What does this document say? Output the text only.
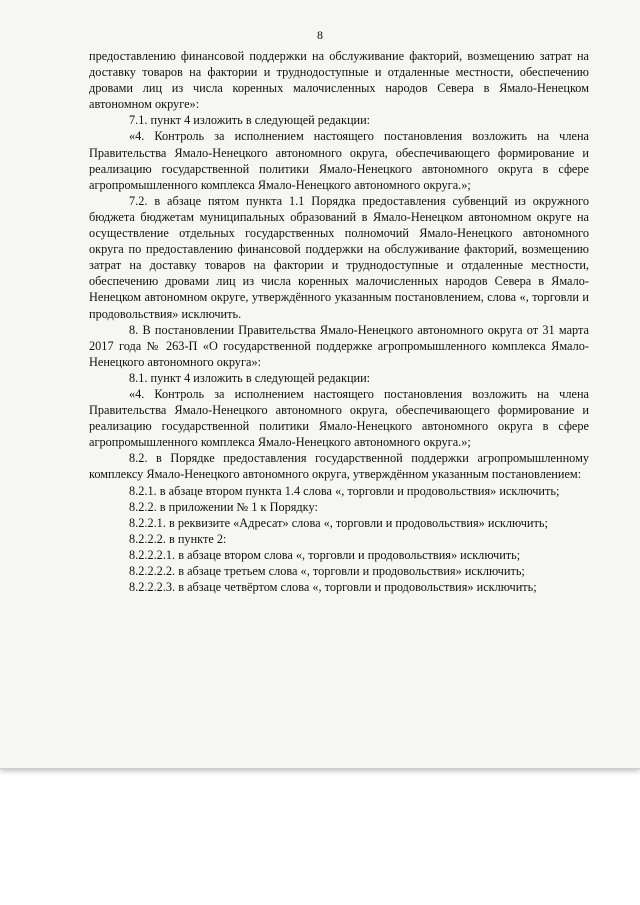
8

предоставлению финансовой поддержки на обслуживание факторий, возмещению затрат на доставку товаров на фактории и труднодоступные и отдаленные местности, обеспечению дровами лиц из числа коренных малочисленных народов Севера в Ямало-Ненецком автономном округе»:

7.1. пункт 4 изложить в следующей редакции:

«4. Контроль за исполнением настоящего постановления возложить на члена Правительства Ямало-Ненецкого автономного округа, обеспечивающего формирование и реализацию государственной политики Ямало-Ненецкого автономного округа в сфере агропромышленного комплекса Ямало-Ненецкого автономного округа.»;

7.2. в абзаце пятом пункта 1.1 Порядка предоставления субвенций из окружного бюджета бюджетам муниципальных образований в Ямало-Ненецком автономном округе на осуществление отдельных государственных полномочий Ямало-Ненецкого автономного округа по предоставлению финансовой поддержки на обслуживание факторий, возмещению затрат на доставку товаров на фактории и труднодоступные и отдаленные местности, обеспечению дровами лиц из числа коренных малочисленных народов Севера в Ямало-Ненецком автономном округе, утверждённого указанным постановлением, слова «, торговли и продовольствия» исключить.

8. В постановлении Правительства Ямало-Ненецкого автономного округа от 31 марта 2017 года № 263-П «О государственной поддержке агропромышленного комплекса Ямало-Ненецкого автономного округа»:

8.1. пункт 4 изложить в следующей редакции:

«4. Контроль за исполнением настоящего постановления возложить на члена Правительства Ямало-Ненецкого автономного округа, обеспечивающего формирование и реализацию государственной политики Ямало-Ненецкого автономного округа в сфере агропромышленного комплекса Ямало-Ненецкого автономного округа.»;

8.2. в Порядке предоставления государственной поддержки агропромышленному комплексу Ямало-Ненецкого автономного округа, утверждённом указанным постановлением:

8.2.1. в абзаце втором пункта 1.4 слова «, торговли и продовольствия» исключить;

8.2.2. в приложении № 1 к Порядку:

8.2.2.1. в реквизите «Адресат» слова «, торговли и продовольствия» исключить;

8.2.2.2. в пункте 2:

8.2.2.2.1. в абзаце втором слова «, торговли и продовольствия» исключить;

8.2.2.2.2. в абзаце третьем слова «, торговли и продовольствия» исключить;

8.2.2.2.3. в абзаце четвёртом слова «, торговли и продовольствия» исключить;
